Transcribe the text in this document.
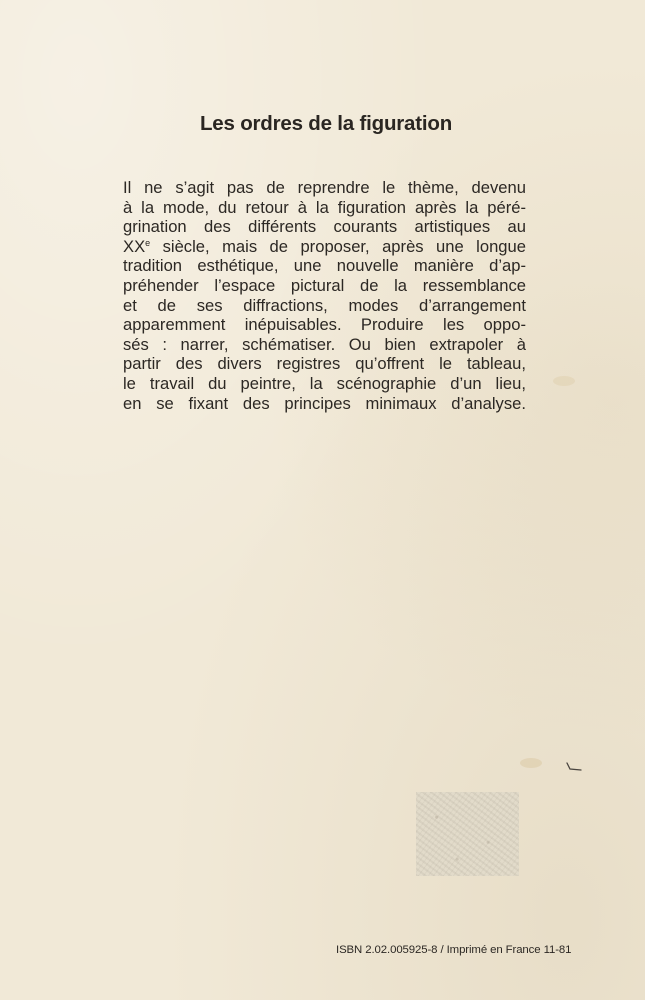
Les ordres de la figuration
Il ne s’agit pas de reprendre le thème, devenu
à la mode, du retour à la figuration après la péré-
grination des différents courants artistiques au
XXe siècle, mais de proposer, après une longue
tradition esthétique, une nouvelle manière d’ap-
préhender l’espace pictural de la ressemblance
et de ses diffractions, modes d’arrangement
apparemment inépuisables. Produire les oppo-
sés : narrer, schématiser. Ou bien extrapoler à
partir des divers registres qu’offrent le tableau,
le travail du peintre, la scénographie d’un lieu,
en se fixant des principes minimaux d’analyse.
ISBN 2.02.005925-8 / Imprimé en France 11-81
